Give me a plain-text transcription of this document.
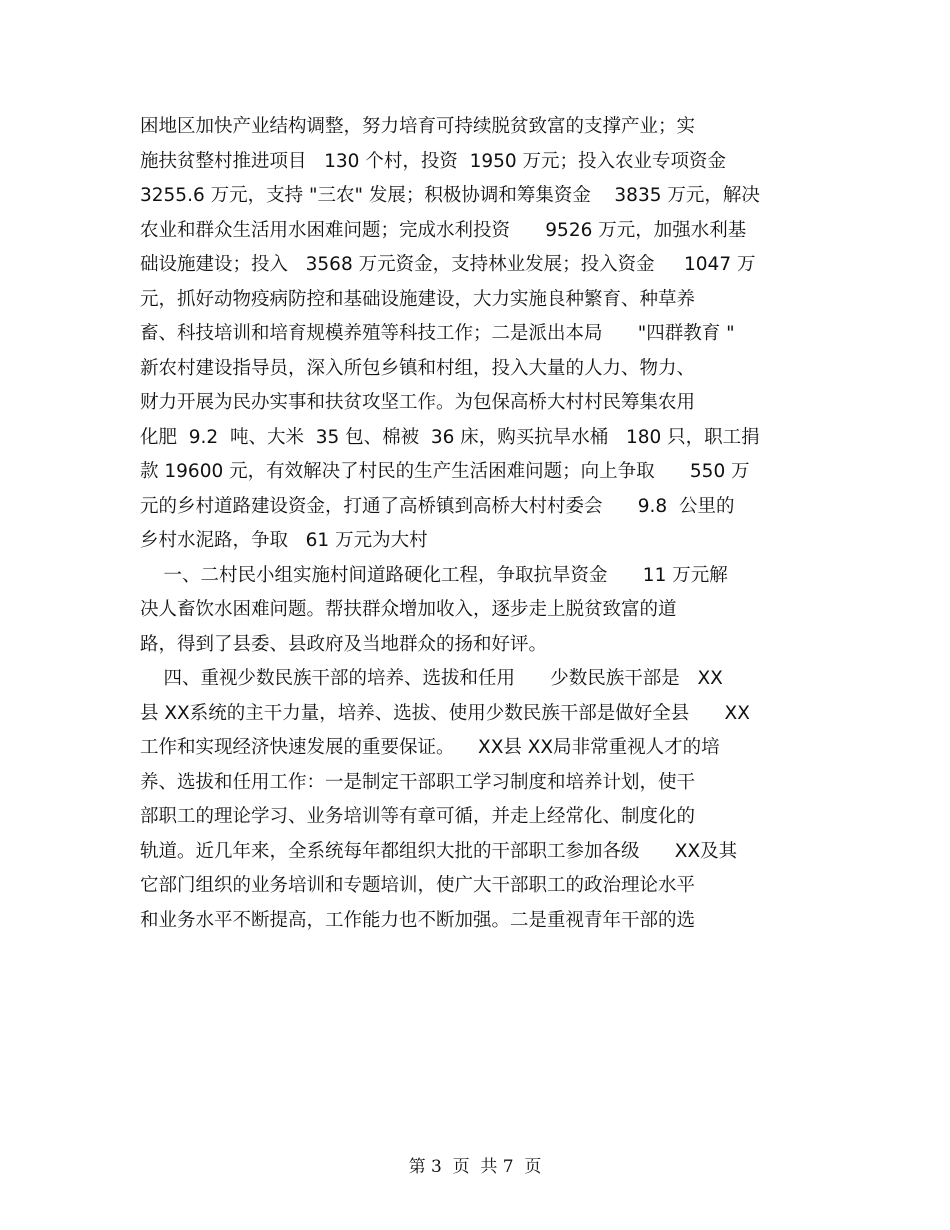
困地区加快产业结构调整，努力培育可持续脱贫致富的支撑产业；实
施扶贫整村推进项目   130 个村，投资  1950 万元；投入农业专项资金
3255.6 万元，支持 "三农" 发展；积极协调和筹集资金    3835 万元，解决
农业和群众生活用水困难问题；完成水利投资      9526 万元，加强水利基
础设施建设；投入   3568 万元资金，支持林业发展；投入资金     1047 万
元，抓好动物疫病防控和基础设施建设，大力实施良种繁育、种草养
畜、科技培训和培育规模养殖等科技工作；二是派出本局      "四群教育 "
新农村建设指导员，深入所包乡镇和村组，投入大量的人力、物力、
财力开展为民办实事和扶贫攻坚工作。为包保高桥大村村民筹集农用
化肥  9.2  吨、大米  35 包、棉被  36 床，购买抗旱水桶   180 只，职工捐
款 19600 元，有效解决了村民的生产生活困难问题；向上争取      550 万
元的乡村道路建设资金，打通了高桥镇到高桥大村村委会      9.8  公里的
乡村水泥路，争取   61 万元为大村
一、二村民小组实施村间道路硬化工程，争取抗旱资金      11 万元解
决人畜饮水困难问题。帮扶群众增加收入，逐步走上脱贫致富的道
路，得到了县委、县政府及当地群众的扬和好评。
四、重视少数民族干部的培养、选拔和任用      少数民族干部是   XX
县 XX系统的主干力量，培养、选拔、使用少数民族干部是做好全县      XX
工作和实现经济快速发展的重要保证。    XX县 XX局非常重视人才的培
养、选拔和任用工作：一是制定干部职工学习制度和培养计划，使干
部职工的理论学习、业务培训等有章可循，并走上经常化、制度化的
轨道。近几年来，全系统每年都组织大批的干部职工参加各级      XX及其
它部门组织的业务培训和专题培训，使广大干部职工的政治理论水平
和业务水平不断提高，工作能力也不断加强。二是重视青年干部的选
第 3  页  共 7  页
